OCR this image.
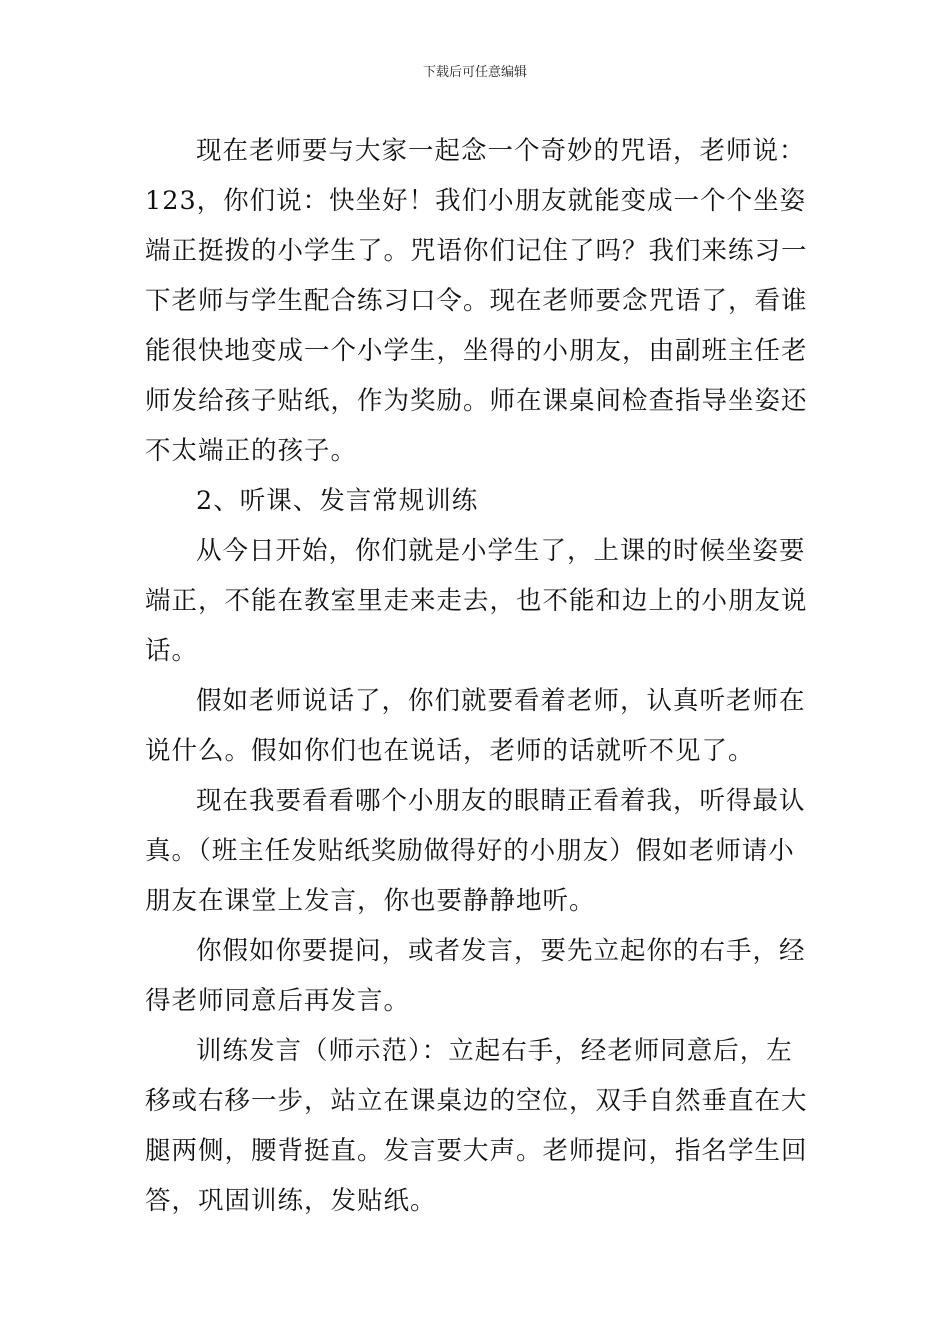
下载后可任意编辑

现在老师要与大家一起念一个奇妙的咒语，老师说：123，你们说：快坐好！我们小朋友就能变成一个个坐姿端正挺拨的小学生了。咒语你们记住了吗？我们来练习一下老师与学生配合练习口令。现在老师要念咒语了，看谁能很快地变成一个小学生，坐得的小朋友，由副班主任老师发给孩子贴纸，作为奖励。师在课桌间检查指导坐姿还不太端正的孩子。

2、听课、发言常规训练

从今日开始，你们就是小学生了，上课的时候坐姿要端正，不能在教室里走来走去，也不能和边上的小朋友说话。

假如老师说话了，你们就要看着老师，认真听老师在说什么。假如你们也在说话，老师的话就听不见了。

现在我要看看哪个小朋友的眼睛正看着我，听得最认真。（班主任发贴纸奖励做得好的小朋友）假如老师请小朋友在课堂上发言，你也要静静地听。

你假如你要提问，或者发言，要先立起你的右手，经得老师同意后再发言。

训练发言（师示范）：立起右手，经老师同意后，左移或右移一步，站立在课桌边的空位，双手自然垂直在大腿两侧，腰背挺直。发言要大声。老师提问，指名学生回答，巩固训练，发贴纸。
